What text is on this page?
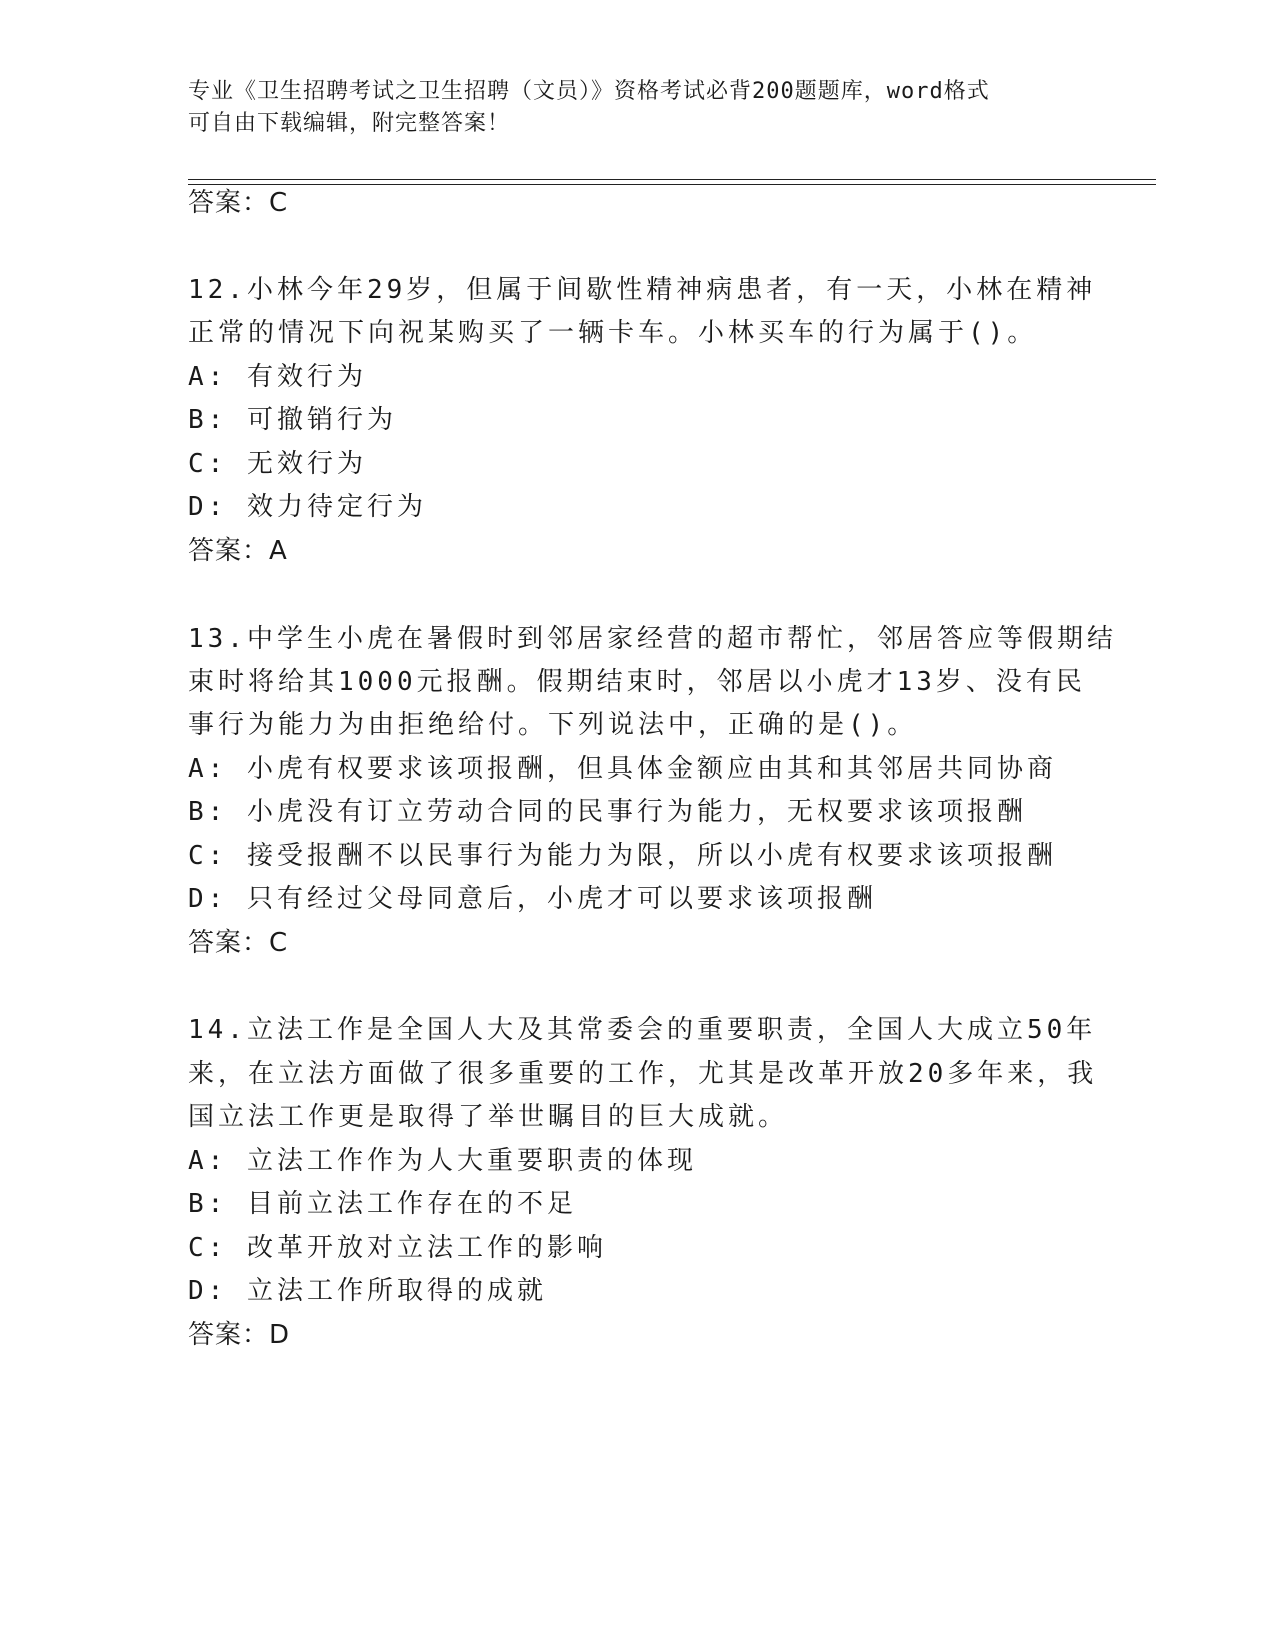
专业《卫生招聘考试之卫生招聘（文员）》资格考试必背200题题库，word格式
可自由下载编辑，附完整答案！
答案：C
12.小林今年29岁，但属于间歇性精神病患者，有一天，小林在精神
正常的情况下向祝某购买了一辆卡车。小林买车的行为属于()。
A: 有效行为
B: 可撤销行为
C: 无效行为
D: 效力待定行为
答案：A
13.中学生小虎在暑假时到邻居家经营的超市帮忙，邻居答应等假期结
束时将给其1000元报酬。假期结束时，邻居以小虎才13岁、没有民
事行为能力为由拒绝给付。下列说法中，正确的是()。
A: 小虎有权要求该项报酬，但具体金额应由其和其邻居共同协商
B: 小虎没有订立劳动合同的民事行为能力，无权要求该项报酬
C: 接受报酬不以民事行为能力为限，所以小虎有权要求该项报酬
D: 只有经过父母同意后，小虎才可以要求该项报酬
答案：C
14.立法工作是全国人大及其常委会的重要职责，全国人大成立50年
来，在立法方面做了很多重要的工作，尤其是改革开放20多年来，我
国立法工作更是取得了举世瞩目的巨大成就。
A: 立法工作作为人大重要职责的体现
B: 目前立法工作存在的不足
C: 改革开放对立法工作的影响
D: 立法工作所取得的成就
答案：D
